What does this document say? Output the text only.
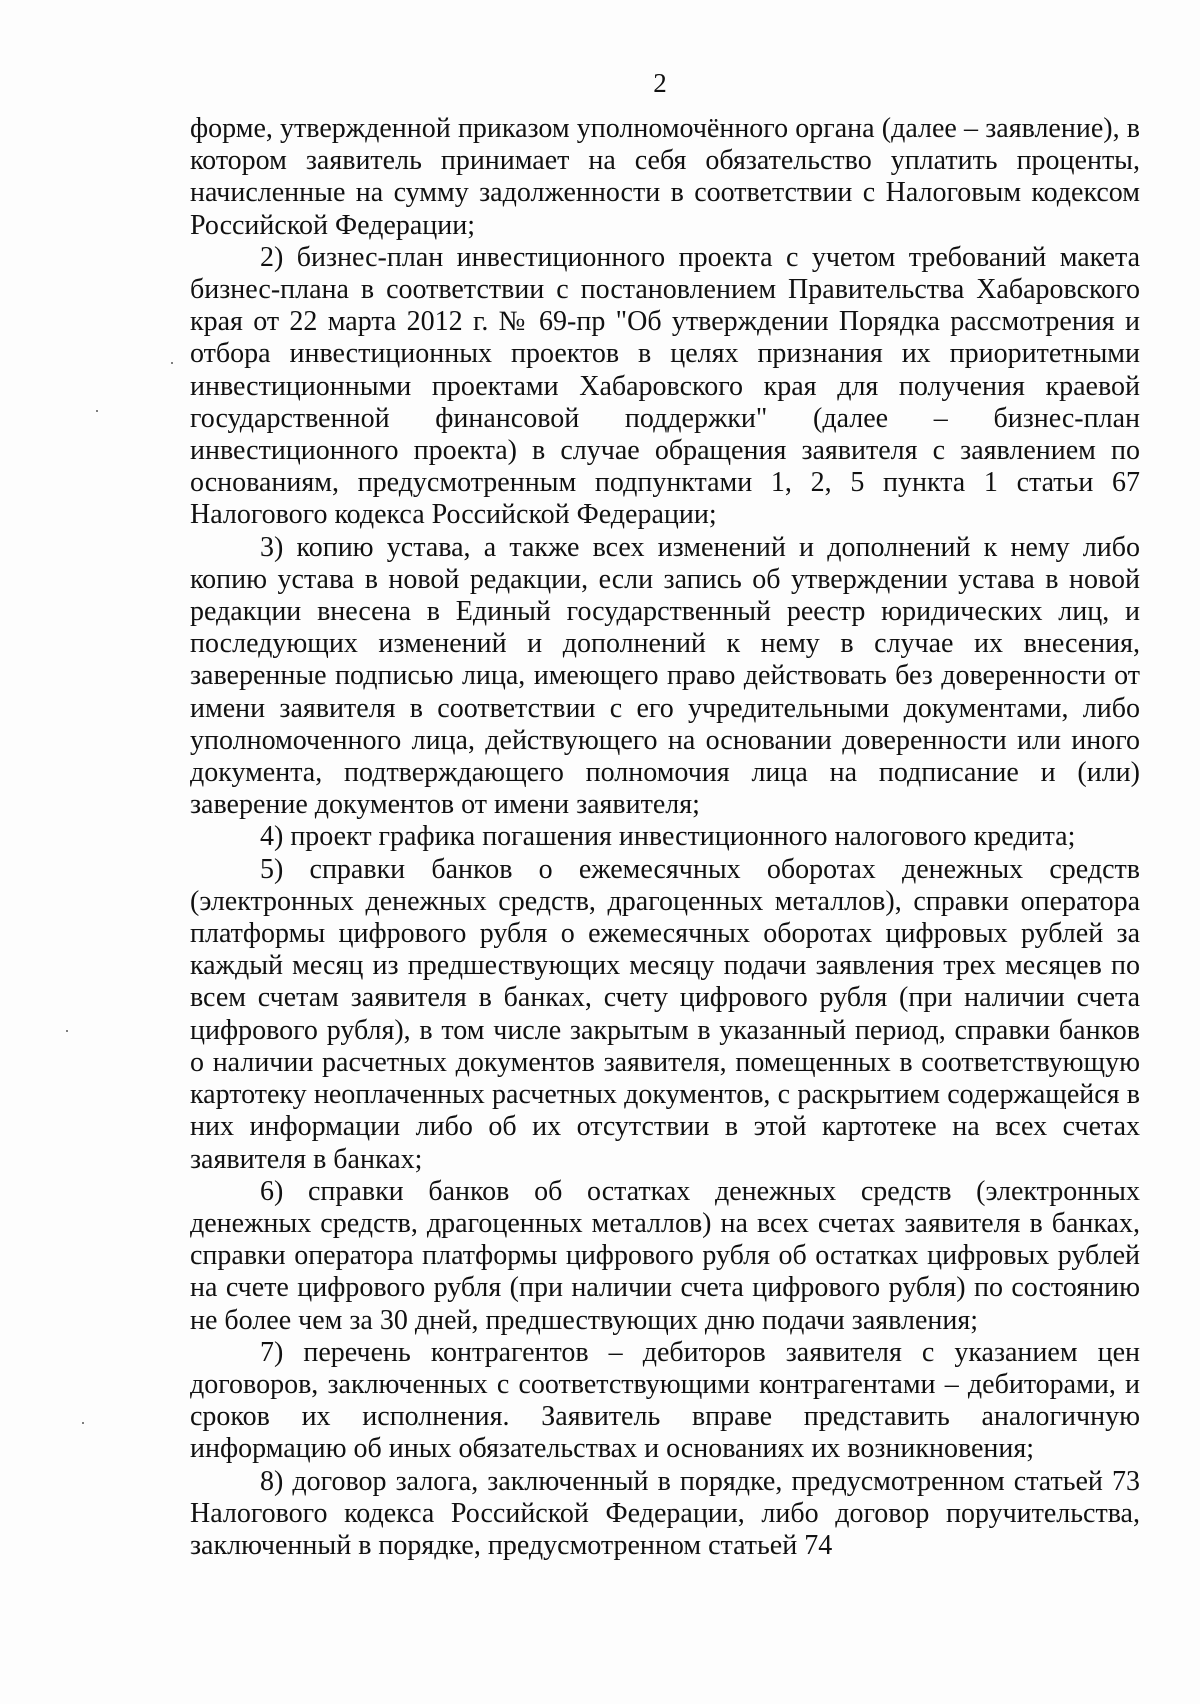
2

форме, утвержденной приказом уполномочённого органа (далее – заявление), в котором заявитель принимает на себя обязательство уплатить проценты, начисленные на сумму задолженности в соответствии с Налоговым кодексом Российской Федерации;

2) бизнес-план инвестиционного проекта с учетом требований макета бизнес-плана в соответствии с постановлением Правительства Хабаровского края от 22 марта 2012 г. № 69-пр "Об утверждении Порядка рассмотрения и отбора инвестиционных проектов в целях признания их приоритетными инвестиционными проектами Хабаровского края для получения краевой государственной финансовой поддержки" (далее – бизнес-план инвестиционного проекта) в случае обращения заявителя с заявлением по основаниям, предусмотренным подпунктами 1, 2, 5 пункта 1 статьи 67 Налогового кодекса Российской Федерации;

3) копию устава, а также всех изменений и дополнений к нему либо копию устава в новой редакции, если запись об утверждении устава в новой редакции внесена в Единый государственный реестр юридических лиц, и последующих изменений и дополнений к нему в случае их внесения, заверенные подписью лица, имеющего право действовать без доверенности от имени заявителя в соответствии с его учредительными документами, либо уполномоченного лица, действующего на основании доверенности или иного документа, подтверждающего полномочия лица на подписание и (или) заверение документов от имени заявителя;

4) проект графика погашения инвестиционного налогового кредита;

5) справки банков о ежемесячных оборотах денежных средств (электронных денежных средств, драгоценных металлов), справки оператора платформы цифрового рубля о ежемесячных оборотах цифровых рублей за каждый месяц из предшествующих месяцу подачи заявления трех месяцев по всем счетам заявителя в банках, счету цифрового рубля (при наличии счета цифрового рубля), в том числе закрытым в указанный период, справки банков о наличии расчетных документов заявителя, помещенных в соответствующую картотеку неоплаченных расчетных документов, с раскрытием содержащейся в них информации либо об их отсутствии в этой картотеке на всех счетах заявителя в банках;

6) справки банков об остатках денежных средств (электронных денежных средств, драгоценных металлов) на всех счетах заявителя в банках, справки оператора платформы цифрового рубля об остатках цифровых рублей на счете цифрового рубля (при наличии счета цифрового рубля) по состоянию не более чем за 30 дней, предшествующих дню подачи заявления;

7) перечень контрагентов – дебиторов заявителя с указанием цен договоров, заключенных с соответствующими контрагентами – дебиторами, и сроков их исполнения. Заявитель вправе представить аналогичную информацию об иных обязательствах и основаниях их возникновения;

8) договор залога, заключенный в порядке, предусмотренном статьей 73 Налогового кодекса Российской Федерации, либо договор поручительства, заключенный в порядке, предусмотренном статьей 74
